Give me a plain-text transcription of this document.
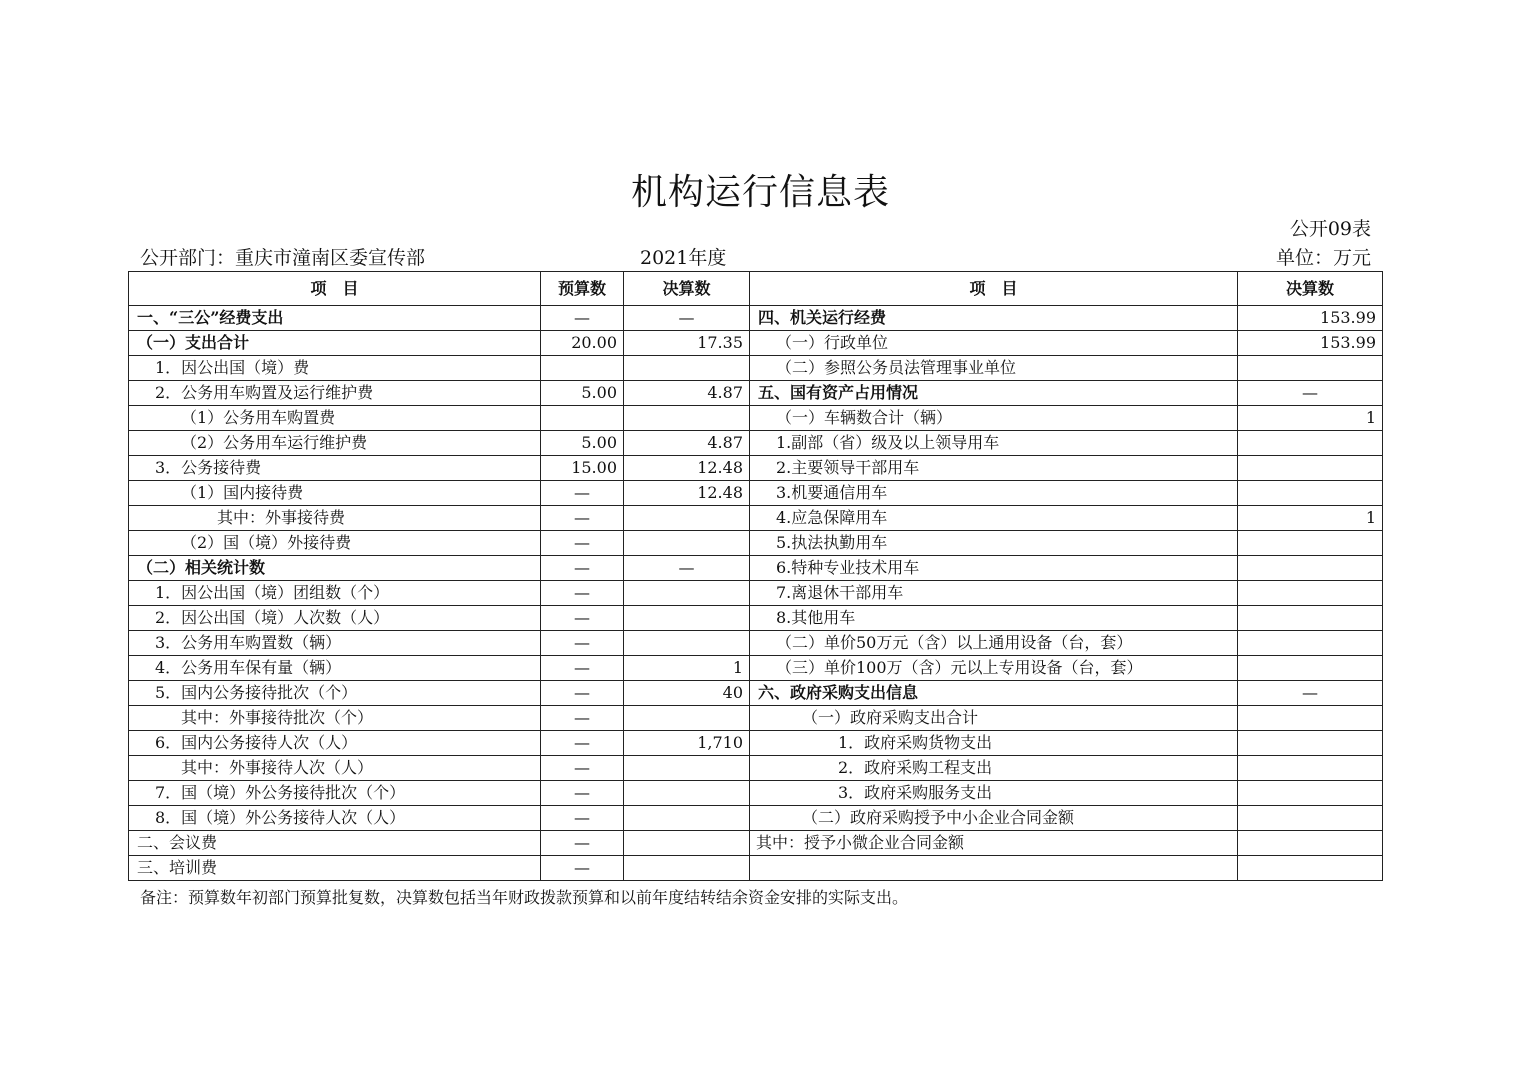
机构运行信息表
公开09表
公开部门：重庆市潼南区委宣传部	2021年度	单位：万元
项　目	预算数	决算数	项　目	决算数
一、“三公”经费支出	—	—	四、机关运行经费	153.99
（一）支出合计	20.00	17.35	（一）行政单位	153.99
1．因公出国（境）费			（二）参照公务员法管理事业单位	
2．公务用车购置及运行维护费	5.00	4.87	五、国有资产占用情况	—
（1）公务用车购置费			（一）车辆数合计（辆）	1
（2）公务用车运行维护费	5.00	4.87	1.副部（省）级及以上领导用车	
3．公务接待费	15.00	12.48	2.主要领导干部用车	
（1）国内接待费	—	12.48	3.机要通信用车	
其中：外事接待费	—		4.应急保障用车	1
（2）国（境）外接待费	—		5.执法执勤用车	
（二）相关统计数	—	—	6.特种专业技术用车	
1．因公出国（境）团组数（个）	—		7.离退休干部用车	
2．因公出国（境）人次数（人）	—		8.其他用车	
3．公务用车购置数（辆）	—		（二）单价50万元（含）以上通用设备（台，套）	
4．公务用车保有量（辆）	—	1	（三）单价100万（含）元以上专用设备（台，套）	
5．国内公务接待批次（个）	—	40	六、政府采购支出信息	—
其中：外事接待批次（个）	—		（一）政府采购支出合计	
6．国内公务接待人次（人）	—	1,710	1．政府采购货物支出	
其中：外事接待人次（人）	—		2．政府采购工程支出	
7．国（境）外公务接待批次（个）	—		3．政府采购服务支出	
8．国（境）外公务接待人次（人）	—		（二）政府采购授予中小企业合同金额	
二、会议费	—		其中：授予小微企业合同金额	
三、培训费	—			
备注：预算数年初部门预算批复数，决算数包括当年财政拨款预算和以前年度结转结余资金安排的实际支出。
